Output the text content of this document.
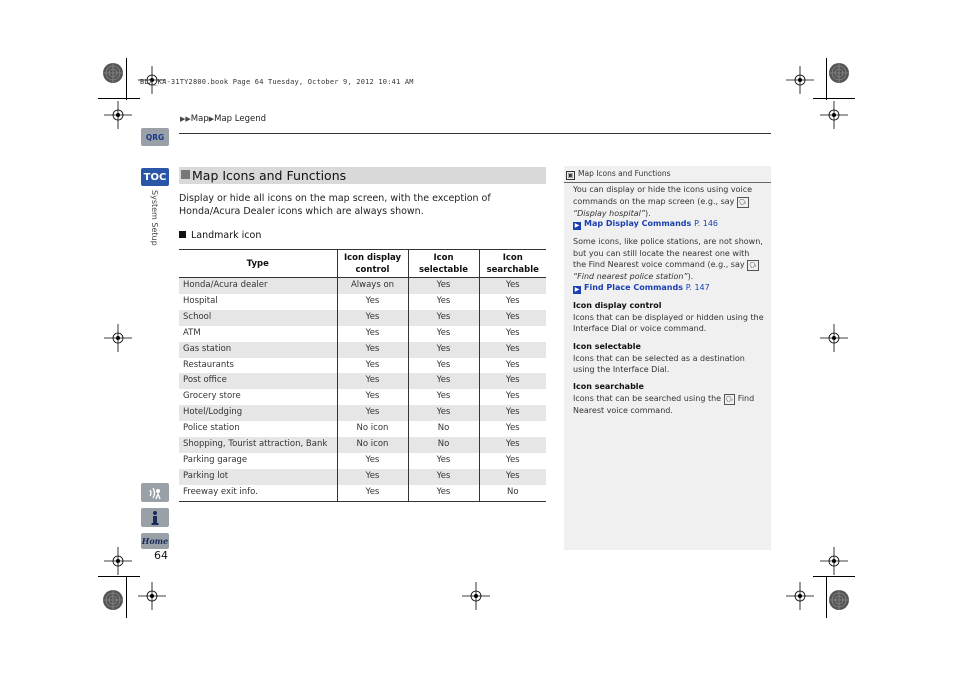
BLX_KA-31TY2800.book Page 64 Tuesday, October 9, 2012 10:41 AM
▶▶Map▶Map Legend
QRG
TOC
System Setup
Home
64
Map Icons and Functions
Display or hide all icons on the map screen, with the exception of Honda/Acura Dealer icons which are always shown.
Landmark icon
Type	Icon display control	Icon selectable	Icon searchable
Honda/Acura dealer	Always on	Yes	Yes
Hospital	Yes	Yes	Yes
School	Yes	Yes	Yes
ATM	Yes	Yes	Yes
Gas station	Yes	Yes	Yes
Restaurants	Yes	Yes	Yes
Post office	Yes	Yes	Yes
Grocery store	Yes	Yes	Yes
Hotel/Lodging	Yes	Yes	Yes
Police station	No icon	No	Yes
Shopping, Tourist attraction, Bank	No icon	No	Yes
Parking garage	Yes	Yes	Yes
Parking lot	Yes	Yes	Yes
Freeway exit info.	Yes	Yes	No
▣ Map Icons and Functions
You can display or hide the icons using voice commands on the map screen (e.g., say 🗣
“Display hospital”).
▶ Map Display Commands P. 146
Some icons, like police stations, are not shown, but you can still locate the nearest one with the Find Nearest voice command (e.g., say 🗣 “Find nearest police station”).
▶ Find Place Commands P. 147
Icon display control
Icons that can be displayed or hidden using the Interface Dial or voice command.
Icon selectable
Icons that can be selected as a destination using the Interface Dial.
Icon searchable
Icons that can be searched using the 🗣 Find Nearest voice command.
